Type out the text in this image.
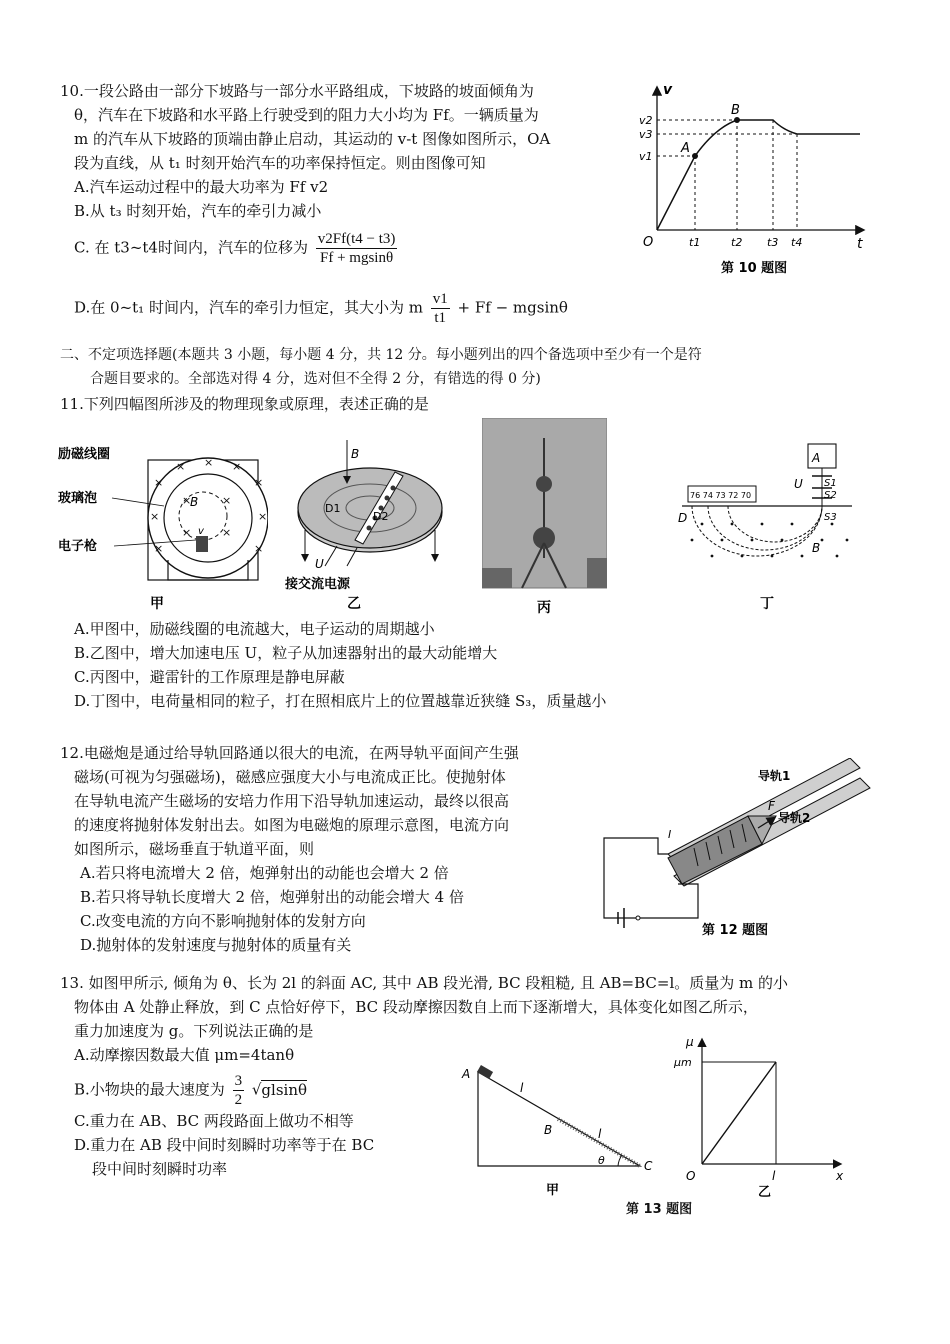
10.一段公路由一部分下坡路与一部分水平路组成，下坡路的坡面倾角为
θ，汽车在下坡路和水平路上行驶受到的阻力大小均为 Ff。一辆质量为
m 的汽车从下坡路的顶端由静止启动，其运动的 v-t 图像如图所示，OA
段为直线，从 t₁ 时刻开始汽车的功率保持恒定。则由图像可知
A.汽车运动过程中的最大功率为 Ff v2
B.从 t₃ 时刻开始，汽车的牵引力减小
C. 在 t3~t4时间内，汽车的位移为 $\frac{v2Ff(t4 - t3)}{Ff + mgsin\theta}$
D.在 0~t₁ 时间内，汽车的牵引力恒定，其大小为 m $\frac{v1}{t1} + Ff - mgsin\theta$
v
t
O
A
B
v1
v2
v3
t1	t2 t3 t4
第 10 题图
二、不定项选择题(本题共 3 小题，每小题 4 分，共 12 分。每小题列出的四个备选项中至少有一个是符
合题目要求的。全部选对得 4 分，选对但不全得 2 分，有错选的得 0 分)
11.下列四幅图所涉及的物理现象或原理，表述正确的是
×
× × ×
×
×	×
×	×
×	×
×	×
励磁线圈
玻璃泡
电子枪
B
v
甲
B
D1
D2
U
接交流电源
乙	丙
A
U S1
S2
S3
76 74 73 72 70
D
B
丁
A.甲图中，励磁线圈的电流越大，电子运动的周期越小
B.乙图中，增大加速电压 U，粒子从加速器射出的最大动能增大
C.丙图中，避雷针的工作原理是静电屏蔽
D.丁图中，电荷量相同的粒子，打在照相底片上的位置越靠近狭缝 S₃，质量越小
12.电磁炮是通过给导轨回路通以很大的电流，在两导轨平面间产生强
磁场(可视为匀强磁场)，磁感应强度大小与电流成正比。使抛射体
在导轨电流产生磁场的安培力作用下沿导轨加速运动，最终以很高
的速度将抛射体发射出去。如图为电磁炮的原理示意图，电流方向
如图所示，磁场垂直于轨道平面，则
A.若只将电流增大 2 倍，炮弹射出的动能也会增大 2 倍
B.若只将导轨长度增大 2 倍，炮弹射出的动能会增大 4 倍
C.改变电流的方向不影响抛射体的发射方向
D.抛射体的发射速度与抛射体的质量有关
F
I
导轨1
导轨2
第 12 题图
13. 如图甲所示, 倾角为 θ、长为 2l 的斜面 AC, 其中 AB 段光滑, BC 段粗糙, 且 AB=BC=l。质量为 m 的小
物体由 A 处静止释放，到 C 点恰好停下，BC 段动摩擦因数自上而下逐渐增大，具体变化如图乙所示，
重力加速度为 g。下列说法正确的是
A.动摩擦因数最大值 μm=4tanθ
B.小物块的最大速度为 $\frac{3}{2} √glsin\theta$
C.重力在 AB、BC 两段路面上做功不相等
D.重力在 AB 段中间时刻瞬时功率等于在 BC
段中间时刻瞬时功率
A
B
C
l
l
θ
甲
μ
μm
O	l	x
乙
第 13 题图
